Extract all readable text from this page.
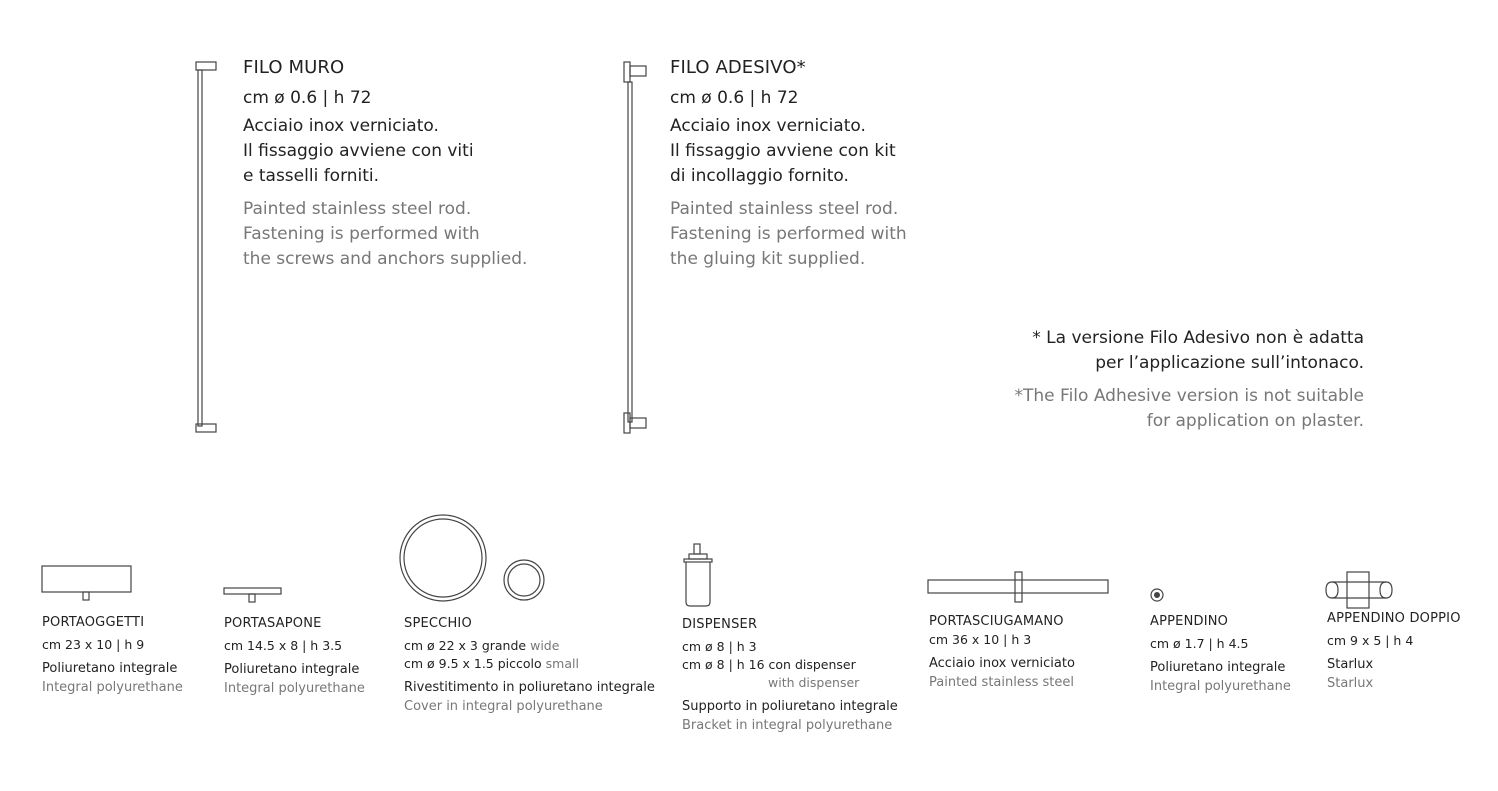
FILO MURO
cm ø 0.6 | h 72
Acciaio inox verniciato.
Il fissaggio avviene con viti
e tasselli forniti.
Painted stainless steel rod.
Fastening is performed with
the screws and anchors supplied.
FILO ADESIVO*
cm ø 0.6 | h 72
Acciaio inox verniciato.
Il fissaggio avviene con kit
di incollaggio fornito.
Painted stainless steel rod.
Fastening is performed with
the gluing kit supplied.
* La versione Filo Adesivo non è adatta
per l’applicazione sull’intonaco.
*The Filo Adhesive version is not suitable
for application on plaster.
PORTAOGGETTI
cm 23 x 10 | h 9
Poliuretano integrale
Integral polyurethane
PORTASAPONE
cm 14.5 x 8 | h 3.5
Poliuretano integrale
Integral polyurethane
SPECCHIO
cm ø 22 x 3 grande wide
cm ø 9.5 x 1.5 piccolo small
Rivestitimento in poliuretano integrale
Cover in integral polyurethane
DISPENSER
cm ø 8 | h 3
cm ø 8 | h 16 con dispenser
with dispenser
Supporto in poliuretano integrale
Bracket in integral polyurethane
PORTASCIUGAMANO
cm 36 x 10 | h 3
Acciaio inox verniciato
Painted stainless steel
APPENDINO
cm ø 1.7 | h 4.5
Poliuretano integrale
Integral polyurethane
APPENDINO DOPPIO
cm 9 x 5 | h 4
Starlux
Starlux
